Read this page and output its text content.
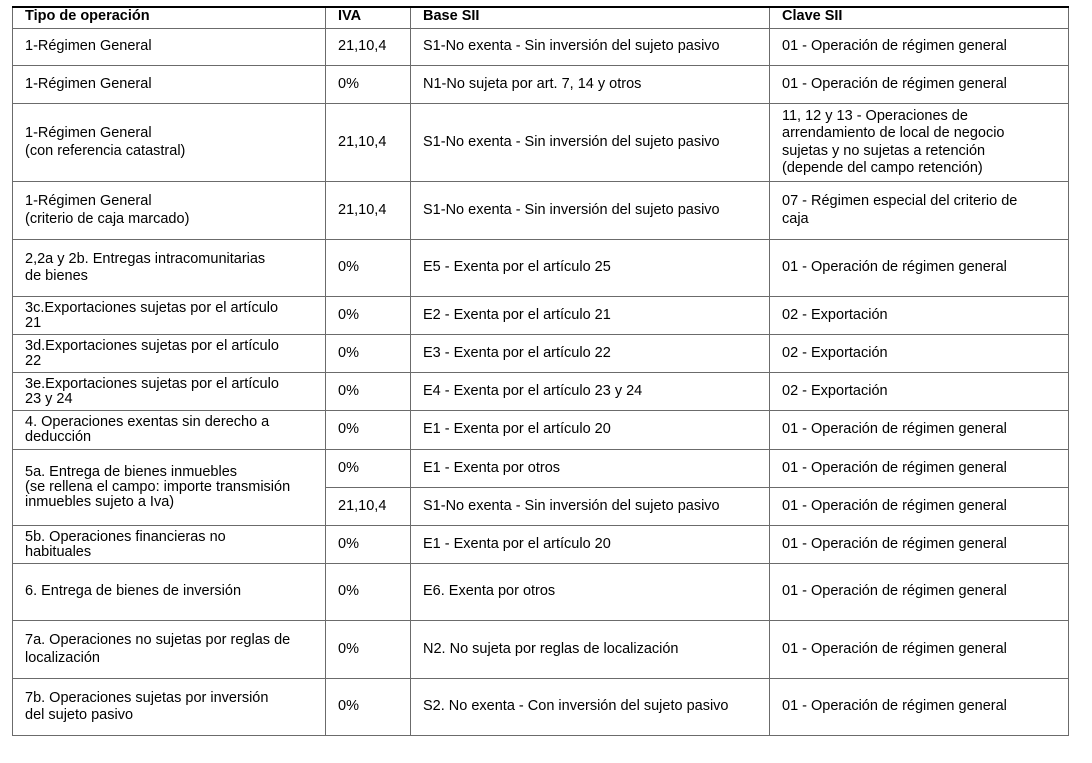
Tipo de operación	IVA	Base SII	Clave SII

1-Régimen General	21,10,4	S1-No exenta - Sin inversión del sujeto pasivo	01 - Operación de régimen general

1-Régimen General	0%	N1-No sujeta por art. 7, 14 y otros	01 - Operación de régimen general

1-Régimen General
(con referencia catastral)	21,10,4	S1-No exenta - Sin inversión del sujeto pasivo	11, 12 y 13 - Operaciones de
arrendamiento de local de negocio
sujetas y no sujetas a retención
(depende del campo retención)

1-Régimen General
(criterio de caja marcado)	21,10,4	S1-No exenta - Sin inversión del sujeto pasivo	07 - Régimen especial del criterio de
caja

2,2a y 2b. Entregas intracomunitarias
de bienes	0%	E5 - Exenta por el artículo 25	01 - Operación de régimen general

3c.Exportaciones sujetas por el artículo
21	0%	E2 - Exenta por el artículo 21	02 - Exportación

3d.Exportaciones sujetas por el artículo
22	0%	E3 - Exenta por el artículo 22	02 - Exportación

3e.Exportaciones sujetas por el artículo
23 y 24	0%	E4 - Exenta por el artículo 23 y 24	02 - Exportación

4. Operaciones exentas sin derecho a
deducción	0%	E1 - Exenta por el artículo 20	01 - Operación de régimen general

5a. Entrega de bienes inmuebles
(se rellena el campo: importe transmisión
inmuebles sujeto a Iva)	0%	E1 - Exenta por otros	01 - Operación de régimen general

	21,10,4	S1-No exenta - Sin inversión del sujeto pasivo	01 - Operación de régimen general

5b. Operaciones financieras no
habituales	0%	E1 - Exenta por el artículo 20	01 - Operación de régimen general

6. Entrega de bienes de inversión	0%	E6. Exenta por otros	01 - Operación de régimen general

7a. Operaciones no sujetas por reglas de
localización	0%	N2. No sujeta por reglas de localización	01 - Operación de régimen general

7b. Operaciones sujetas por inversión
del sujeto pasivo	0%	S2. No exenta - Con inversión del sujeto pasivo	01 - Operación de régimen general
